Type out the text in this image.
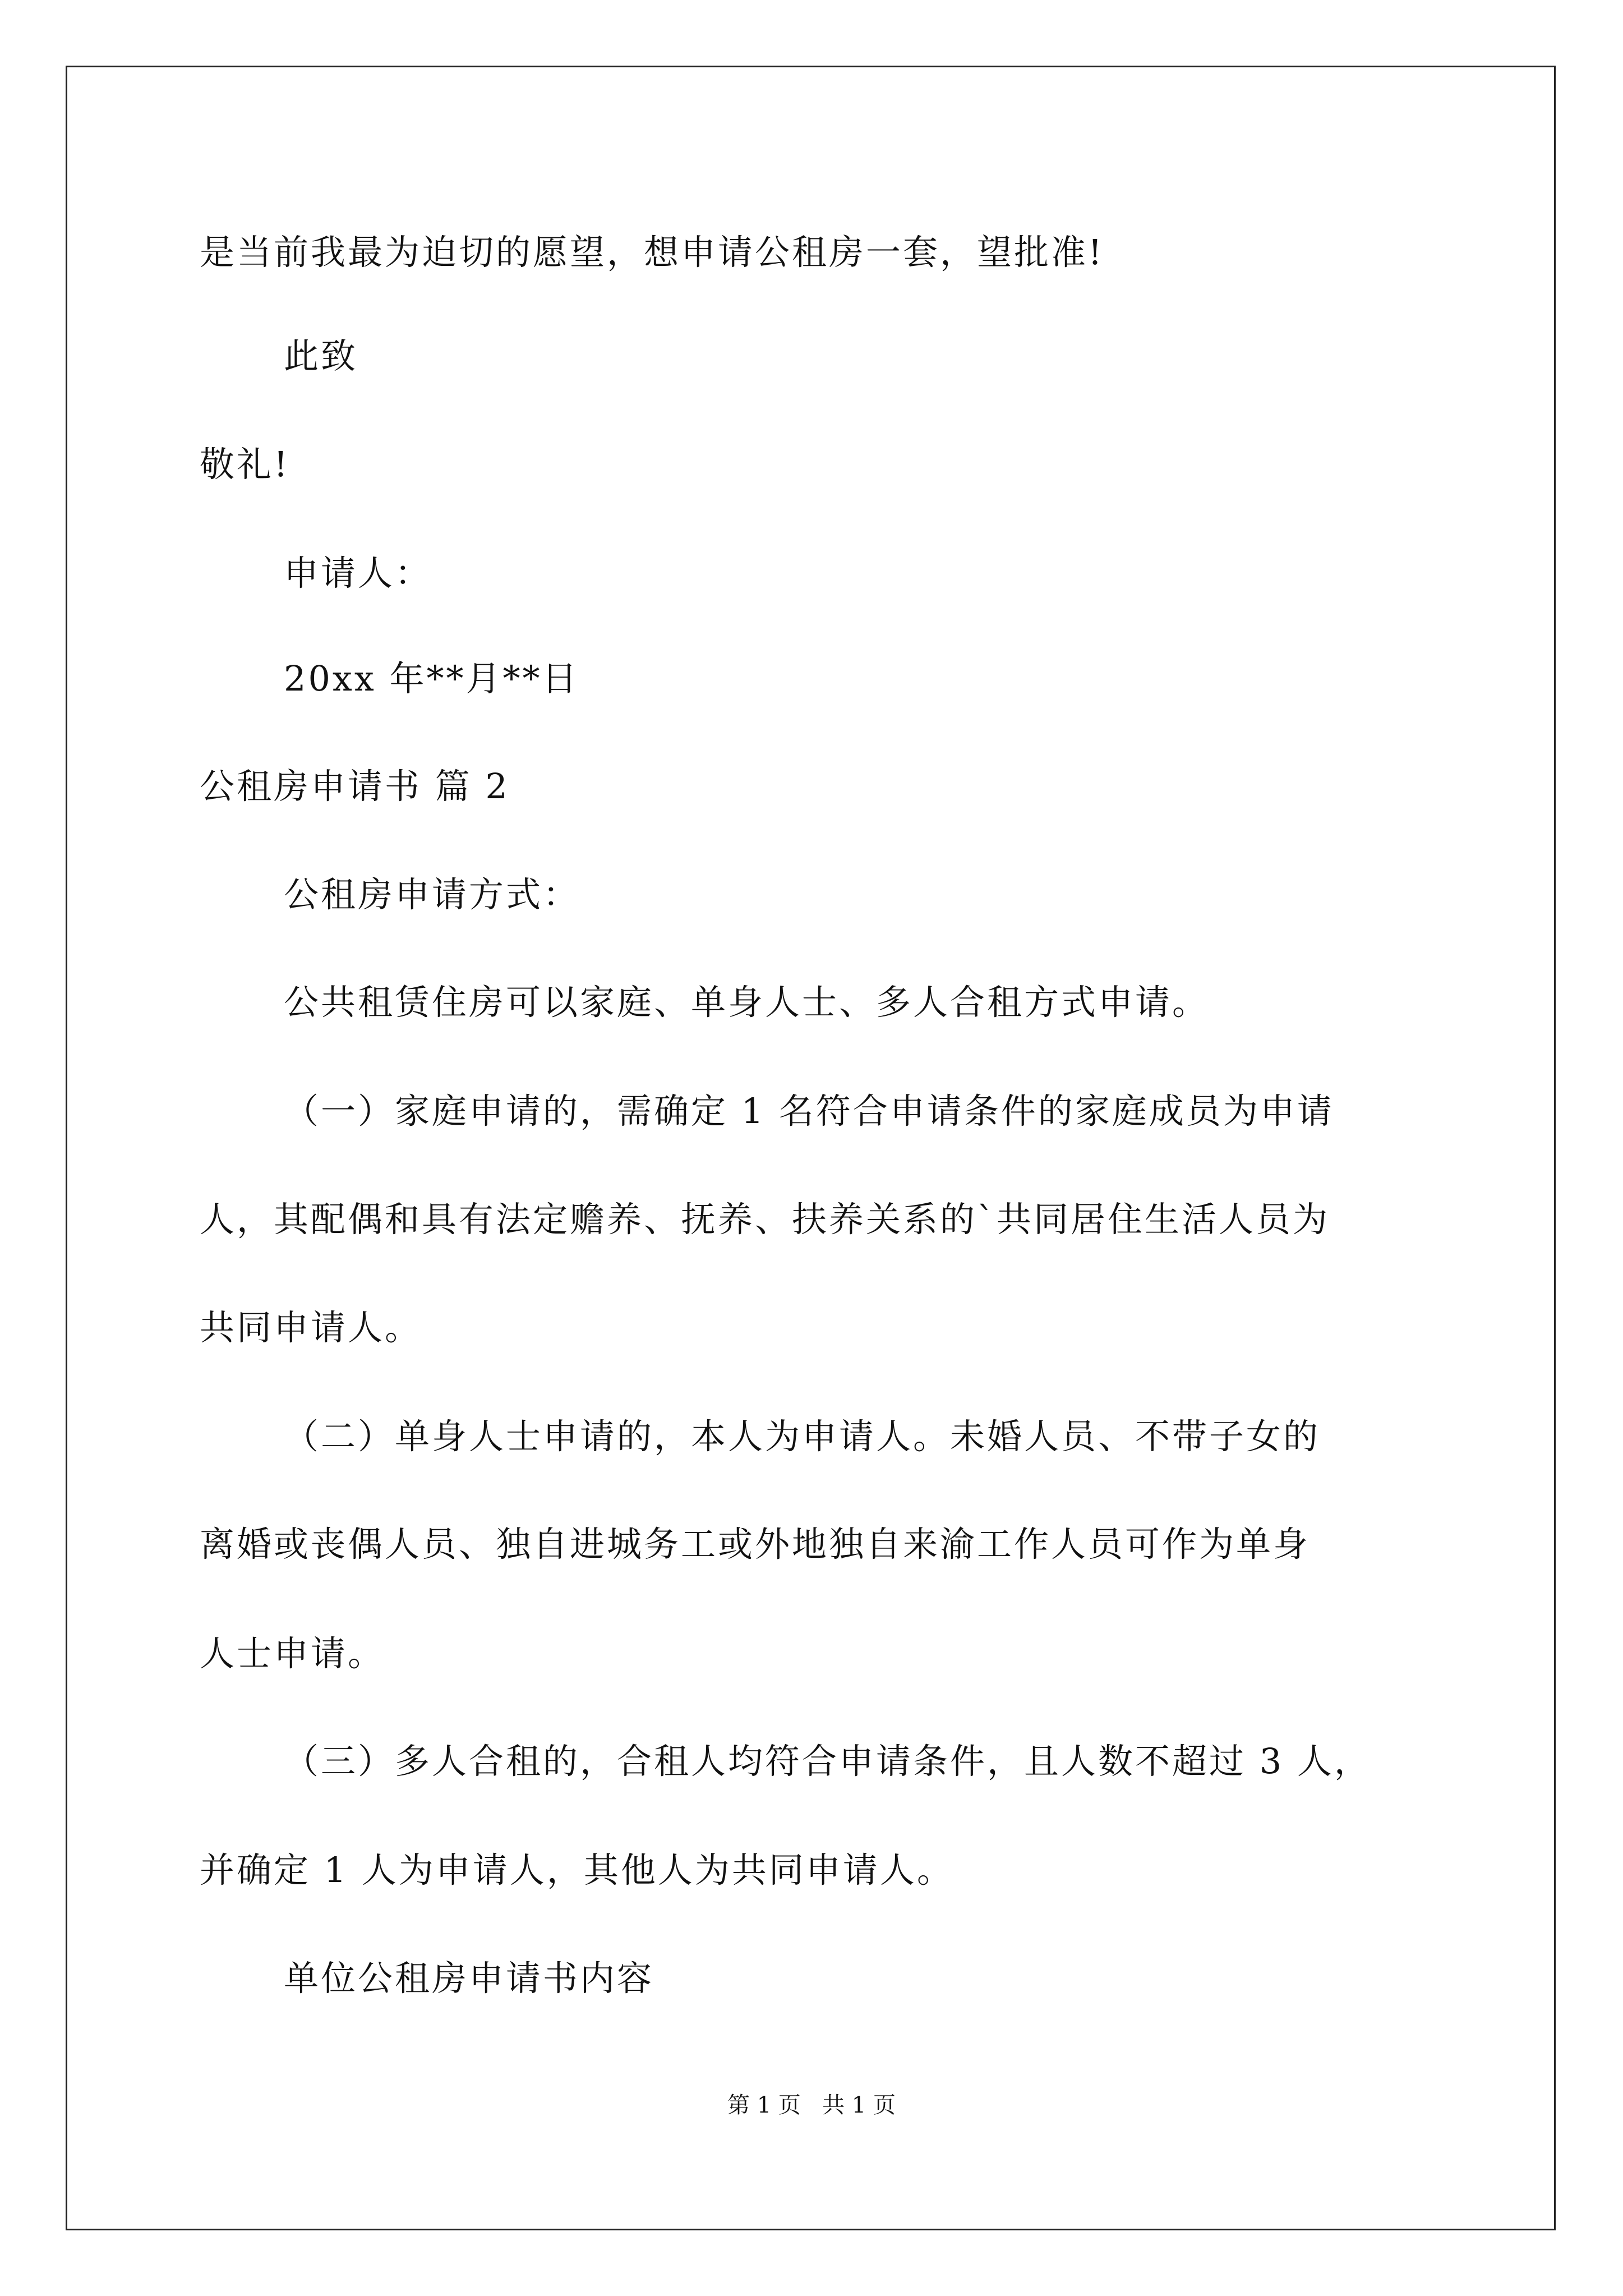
是当前我最为迫切的愿望，想申请公租房一套，望批准!
此致
敬礼!
申请人：
20xx 年**月**日
公租房申请书 篇 2
公租房申请方式：
公共租赁住房可以家庭、单身人士、多人合租方式申请。
（一）家庭申请的，需确定 1 名符合申请条件的家庭成员为申请
人，其配偶和具有法定赡养、抚养、扶养关系的`共同居住生活人员为
共同申请人。
（二）单身人士申请的，本人为申请人。未婚人员、不带子女的
离婚或丧偶人员、独自进城务工或外地独自来渝工作人员可作为单身
人士申请。
（三）多人合租的，合租人均符合申请条件，且人数不超过 3 人，
并确定 1 人为申请人，其他人为共同申请人。
单位公租房申请书内容
第 1 页   共 1 页
